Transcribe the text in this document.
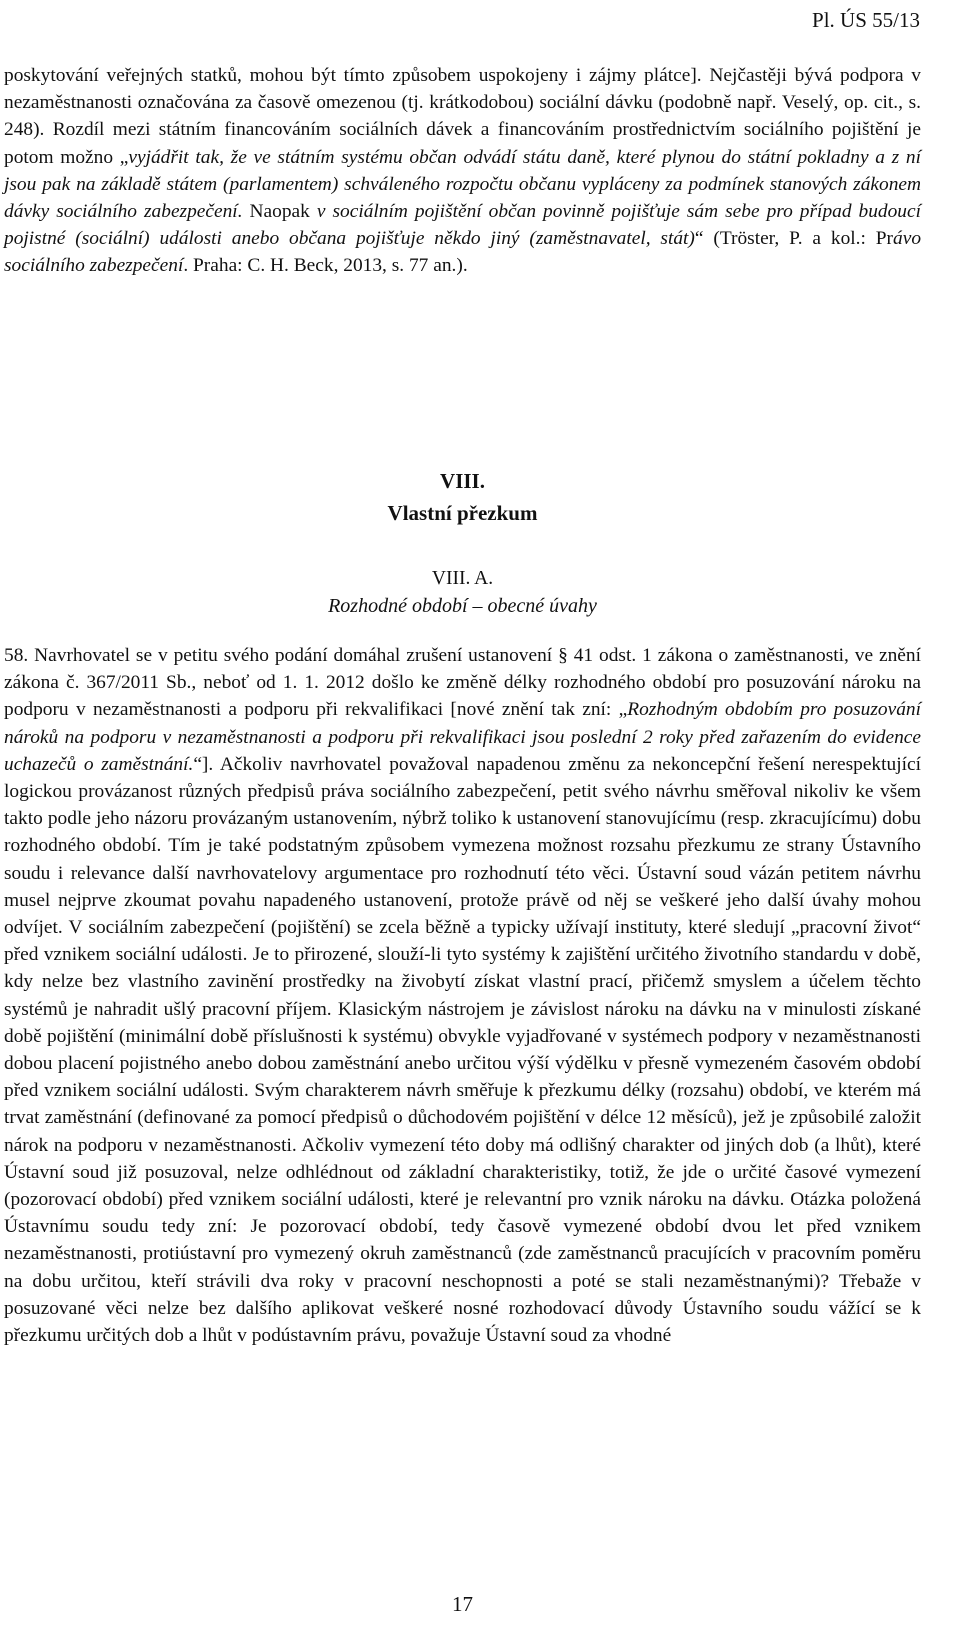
Pl. ÚS 55/13

poskytování veřejných statků, mohou být tímto způsobem uspokojeny i zájmy plátce]. Nejčastěji bývá podpora v nezaměstnanosti označována za časově omezenou (tj. krátkodobou) sociální dávku (podobně např. Veselý, op. cit., s. 248). Rozdíl mezi státním financováním sociálních dávek a financováním prostřednictvím sociálního pojištění je potom možno „vyjádřit tak, že ve státním systému občan odvádí státu daně, které plynou do státní pokladny a z ní jsou pak na základě státem (parlamentem) schváleného rozpočtu občanu vypláceny za podmínek stanových zákonem dávky sociálního zabezpečení. Naopak v sociálním pojištění občan povinně pojišťuje sám sebe pro případ budoucí pojistné (sociální) události anebo občana pojišťuje někdo jiný (zaměstnavatel, stát)“ (Tröster, P. a kol.: Právo sociálního zabezpečení. Praha: C. H. Beck, 2013, s. 77 an.).

VIII.
Vlastní přezkum
VIII. A.
Rozhodné období – obecné úvahy

58. Navrhovatel se v petitu svého podání domáhal zrušení ustanovení § 41 odst. 1 zákona o zaměstnanosti, ve znění zákona č. 367/2011 Sb., neboť od 1. 1. 2012 došlo ke změně délky rozhodného období pro posuzování nároku na podporu v nezaměstnanosti a podporu při rekvalifikaci [nové znění tak zní: „Rozhodným obdobím pro posuzování nároků na podporu v nezaměstnanosti a podporu při rekvalifikaci jsou poslední 2 roky před zařazením do evidence uchazečů o zaměstnání.“]. Ačkoliv navrhovatel považoval napadenou změnu za nekoncepční řešení nerespektující logickou provázanost různých předpisů práva sociálního zabezpečení, petit svého návrhu směřoval nikoliv ke všem takto podle jeho názoru provázaným ustanovením, nýbrž toliko k ustanovení stanovujícímu (resp. zkracujícímu) dobu rozhodného období. Tím je také podstatným způsobem vymezena možnost rozsahu přezkumu ze strany Ústavního soudu i relevance další navrhovatelovy argumentace pro rozhodnutí této věci. Ústavní soud vázán petitem návrhu musel nejprve zkoumat povahu napadeného ustanovení, protože právě od něj se veškeré jeho další úvahy mohou odvíjet. V sociálním zabezpečení (pojištění) se zcela běžně a typicky užívají instituty, které sledují „pracovní život“ před vznikem sociální události. Je to přirozené, slouží-li tyto systémy k zajištění určitého životního standardu v době, kdy nelze bez vlastního zavinění prostředky na živobytí získat vlastní prací, přičemž smyslem a účelem těchto systémů je nahradit ušlý pracovní příjem. Klasickým nástrojem je závislost nároku na dávku na v minulosti získané době pojištění (minimální době příslušnosti k systému) obvykle vyjadřované v systémech podpory v nezaměstnanosti dobou placení pojistného anebo dobou zaměstnání anebo určitou výší výdělku v přesně vymezeném časovém období před vznikem sociální události. Svým charakterem návrh směřuje k přezkumu délky (rozsahu) období, ve kterém má trvat zaměstnání (definované za pomocí předpisů o důchodovém pojištění v délce 12 měsíců), jež je způsobilé založit nárok na podporu v nezaměstnanosti. Ačkoliv vymezení této doby má odlišný charakter od jiných dob (a lhůt), které Ústavní soud již posuzoval, nelze odhlédnout od základní charakteristiky, totiž, že jde o určité časové vymezení (pozorovací období) před vznikem sociální události, které je relevantní pro vznik nároku na dávku. Otázka položená Ústavnímu soudu tedy zní: Je pozorovací období, tedy časově vymezené období dvou let před vznikem nezaměstnanosti, protiústavní pro vymezený okruh zaměstnanců (zde zaměstnanců pracujících v pracovním poměru na dobu určitou, kteří strávili dva roky v pracovní neschopnosti a poté se stali nezaměstnanými)? Třebaže v posuzované věci nelze bez dalšího aplikovat veškeré nosné rozhodovací důvody Ústavního soudu vážící se k přezkumu určitých dob a lhůt v podústavním právu, považuje Ústavní soud za vhodné

17
